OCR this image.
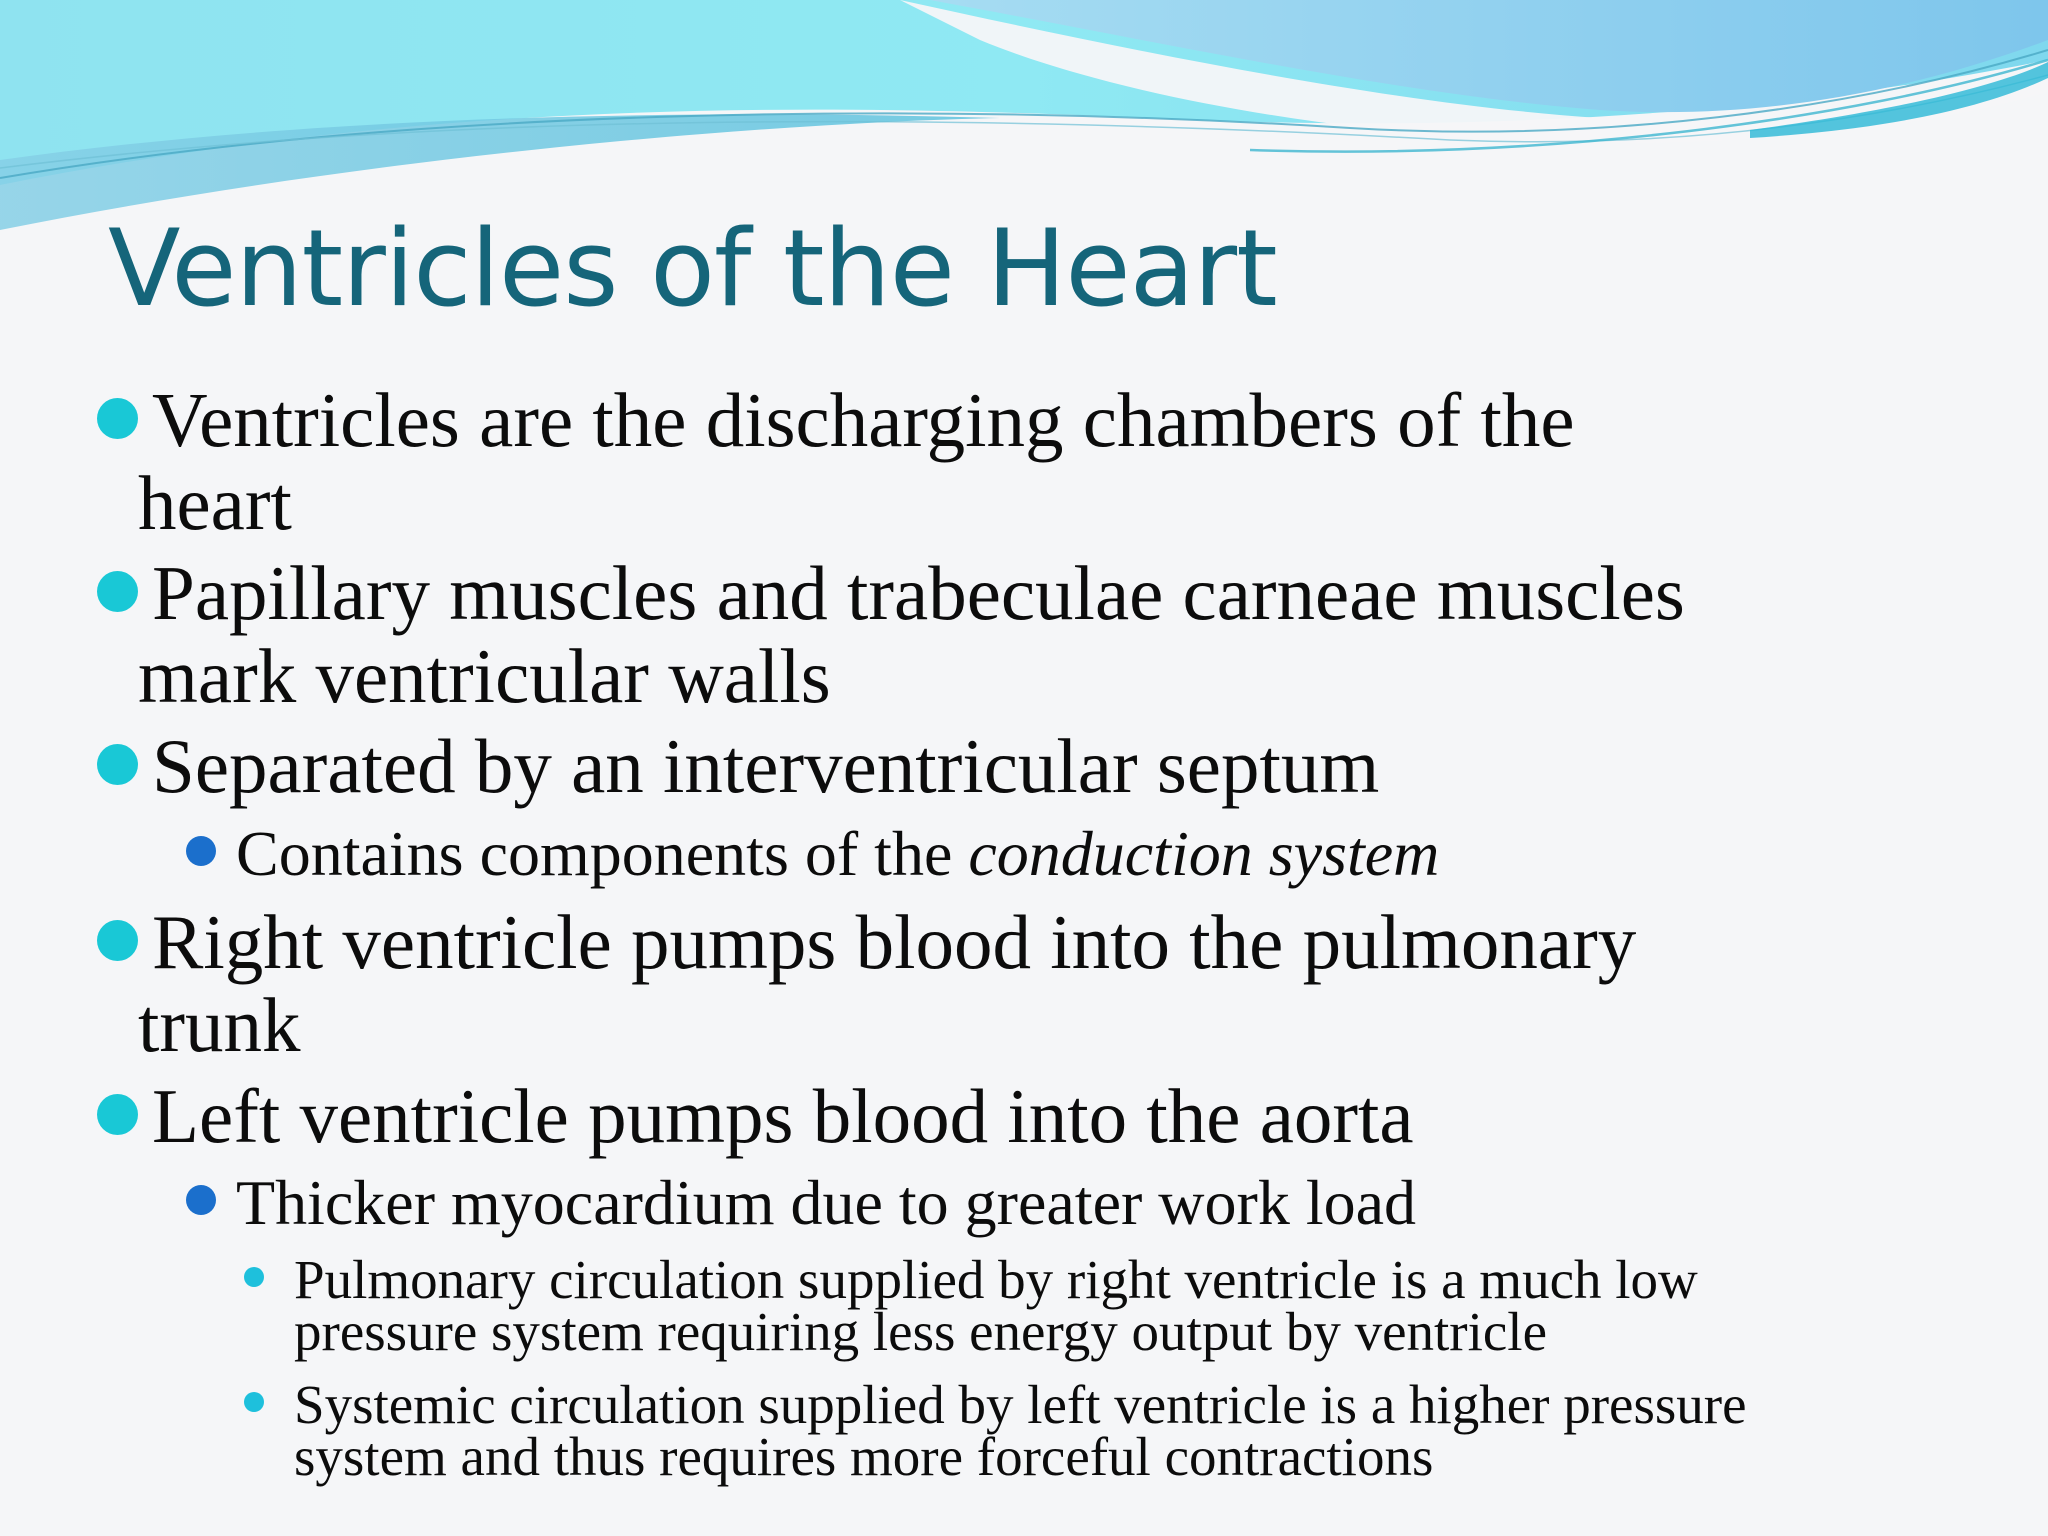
Ventricles of the Heart
Ventricles are the discharging chambers of the
heart
Papillary muscles and trabeculae carneae muscles
mark ventricular walls
Separated by an interventricular septum
Contains components of the conduction system
Right ventricle pumps blood into the pulmonary
trunk
Left ventricle pumps blood into the aorta
Thicker myocardium due to greater work load
Pulmonary circulation supplied by right ventricle is a much low
pressure system requiring less energy output by ventricle
Systemic circulation supplied by left ventricle is a higher pressure
system and thus requires more forceful contractions
